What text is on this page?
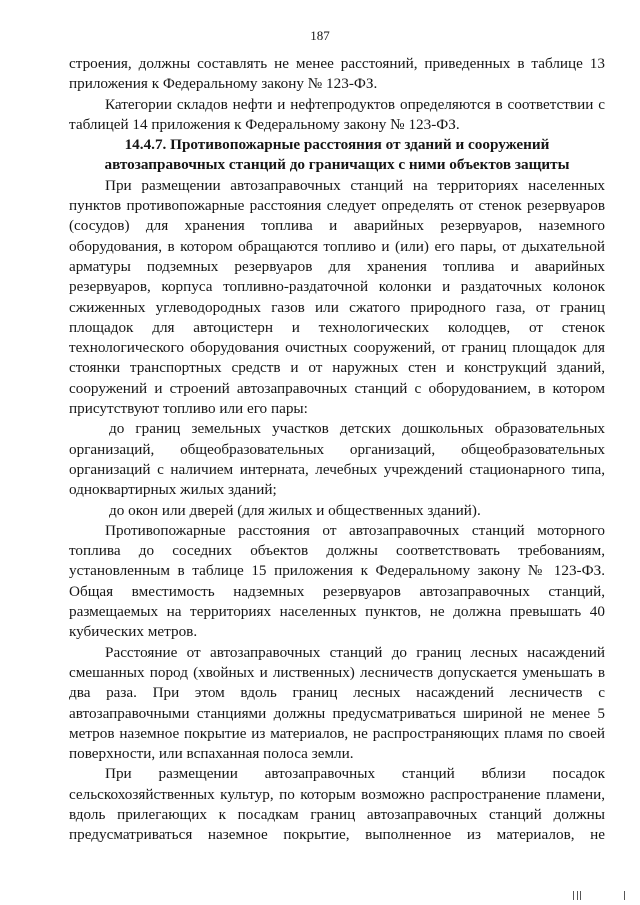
187
строения, должны составлять не менее расстояний, приведенных в таблице 13
приложения к Федеральному закону № 123-ФЗ.
Категории складов нефти и нефтепродуктов определяются в соответствии с
таблицей 14 приложения к Федеральному закону № 123-ФЗ.
14.4.7. Противопожарные расстояния от зданий и сооружений
автозаправочных станций до граничащих с ними объектов защиты
При размещении автозаправочных станций на территориях населенных
пунктов противопожарные расстояния следует определять от стенок резервуаров
(сосудов) для хранения топлива и аварийных резервуаров, наземного
оборудования, в котором обращаются топливо и (или) его пары, от дыхательной
арматуры подземных резервуаров для хранения топлива и аварийных
резервуаров, корпуса топливно-раздаточной колонки и раздаточных колонок
сжиженных углеводородных газов или сжатого природного газа, от границ
площадок для автоцистерн и технологических колодцев, от стенок
технологического оборудования очистных сооружений, от границ площадок для
стоянки транспортных средств и от наружных стен и конструкций зданий,
сооружений и строений автозаправочных станций с оборудованием, в котором
присутствуют топливо или его пары:
до границ земельных участков детских дошкольных образовательных
организаций, общеобразовательных организаций, общеобразовательных
организаций с наличием интерната, лечебных учреждений стационарного типа,
одноквартирных жилых зданий;
до окон или дверей (для жилых и общественных зданий).
Противопожарные расстояния от автозаправочных станций моторного
топлива до соседних объектов должны соответствовать требованиям,
установленным в таблице 15 приложения к Федеральному закону № 123-ФЗ.
Общая вместимость надземных резервуаров автозаправочных станций,
размещаемых на территориях населенных пунктов, не должна превышать 40
кубических метров.
Расстояние от автозаправочных станций до границ лесных насаждений
смешанных пород (хвойных и лиственных) лесничеств допускается уменьшать в
два раза. При этом вдоль границ лесных насаждений лесничеств с
автозаправочными станциями должны предусматриваться шириной не менее 5
метров наземное покрытие из материалов, не распространяющих пламя по своей
поверхности, или вспаханная полоса земли.
При размещении автозаправочных станций вблизи посадок
сельскохозяйственных культур, по которым возможно распространение пламени,
вдоль прилегающих к посадкам границ автозаправочных станций должны
предусматриваться наземное покрытие, выполненное из материалов, не
